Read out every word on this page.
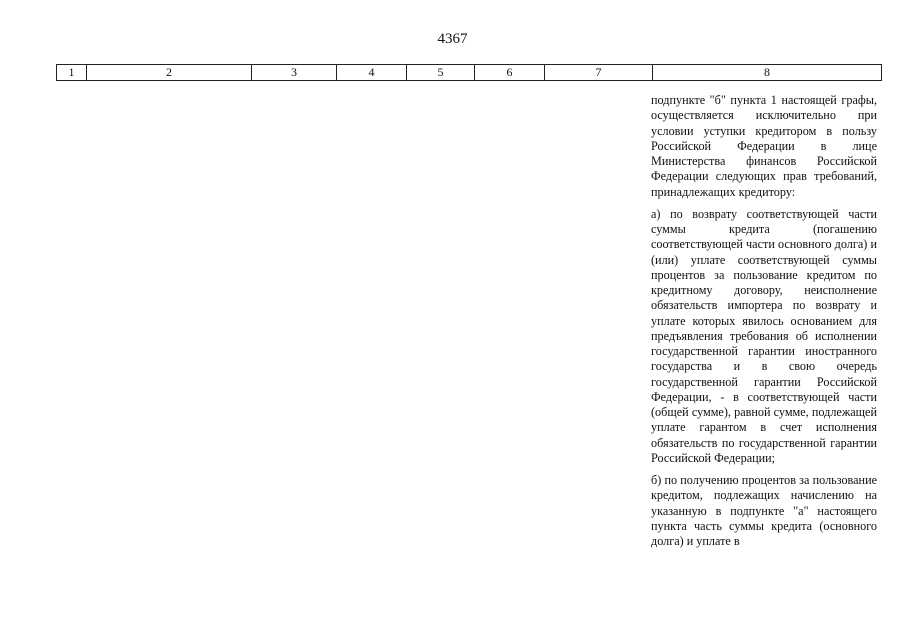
4367
1	2	3	4	5	6	7	8

подпункте "б" пункта 1 настоящей графы, осуществляется исключительно при условии уступки кредитором в пользу Российской Федерации в лице Министерства финансов Российской Федерации следующих прав требований, принадлежащих кредитору:

а) по возврату соответствующей части суммы кредита (погашению соответствующей части основного долга) и (или) уплате соответствующей суммы процентов за пользование кредитом по кредитному договору, неисполнение обязательств импортера по возврату и уплате которых явилось основанием для предъявления требования об исполнении государственной гарантии иностранного государства и в свою очередь государственной гарантии Российской Федерации, - в соответствующей части (общей сумме), равной сумме, подлежащей уплате гарантом в счет исполнения обязательств по государственной гарантии Российской Федерации;

б) по получению процентов за пользование кредитом, подлежащих начислению на указанную в подпункте "а" настоящего пункта часть суммы кредита (основного долга) и уплате в
